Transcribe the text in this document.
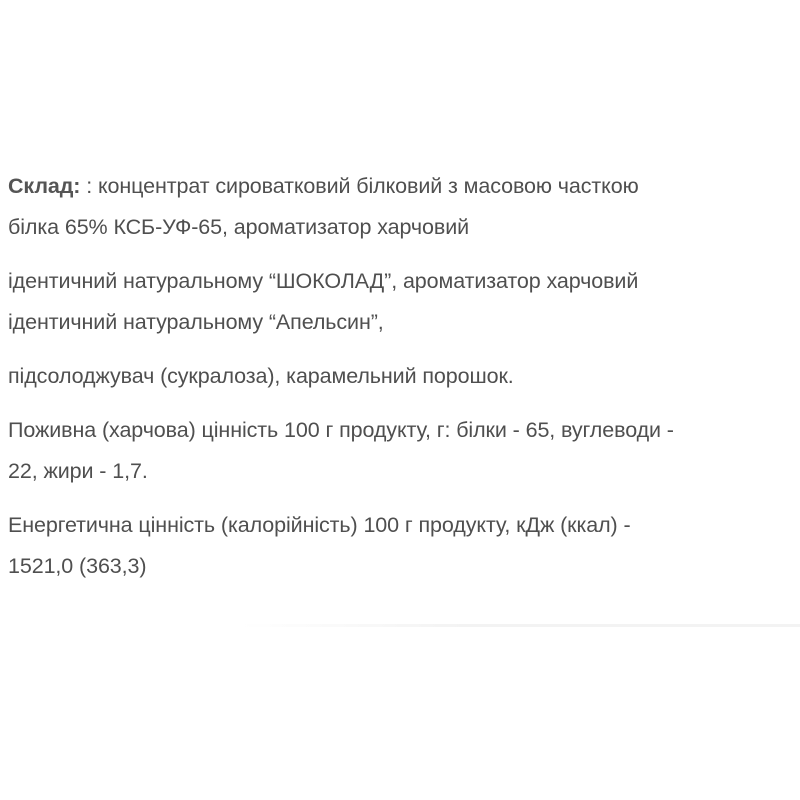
Склад: : концентрат сироватковий білковий з масовою часткою
білка 65% КСБ-УФ-65, ароматизатор харчовий

ідентичний натуральному “ШОКОЛАД”, ароматизатор харчовий
ідентичний натуральному “Апельсин”,

підсолоджувач (сукралоза), карамельний порошок.

Поживна (харчова) цінність 100 г продукту, г: білки - 65, вуглеводи -
22, жири - 1,7.

Енергетична цінність (калорійність) 100 г продукту, кДж (ккал) -
1521,0 (363,3)
